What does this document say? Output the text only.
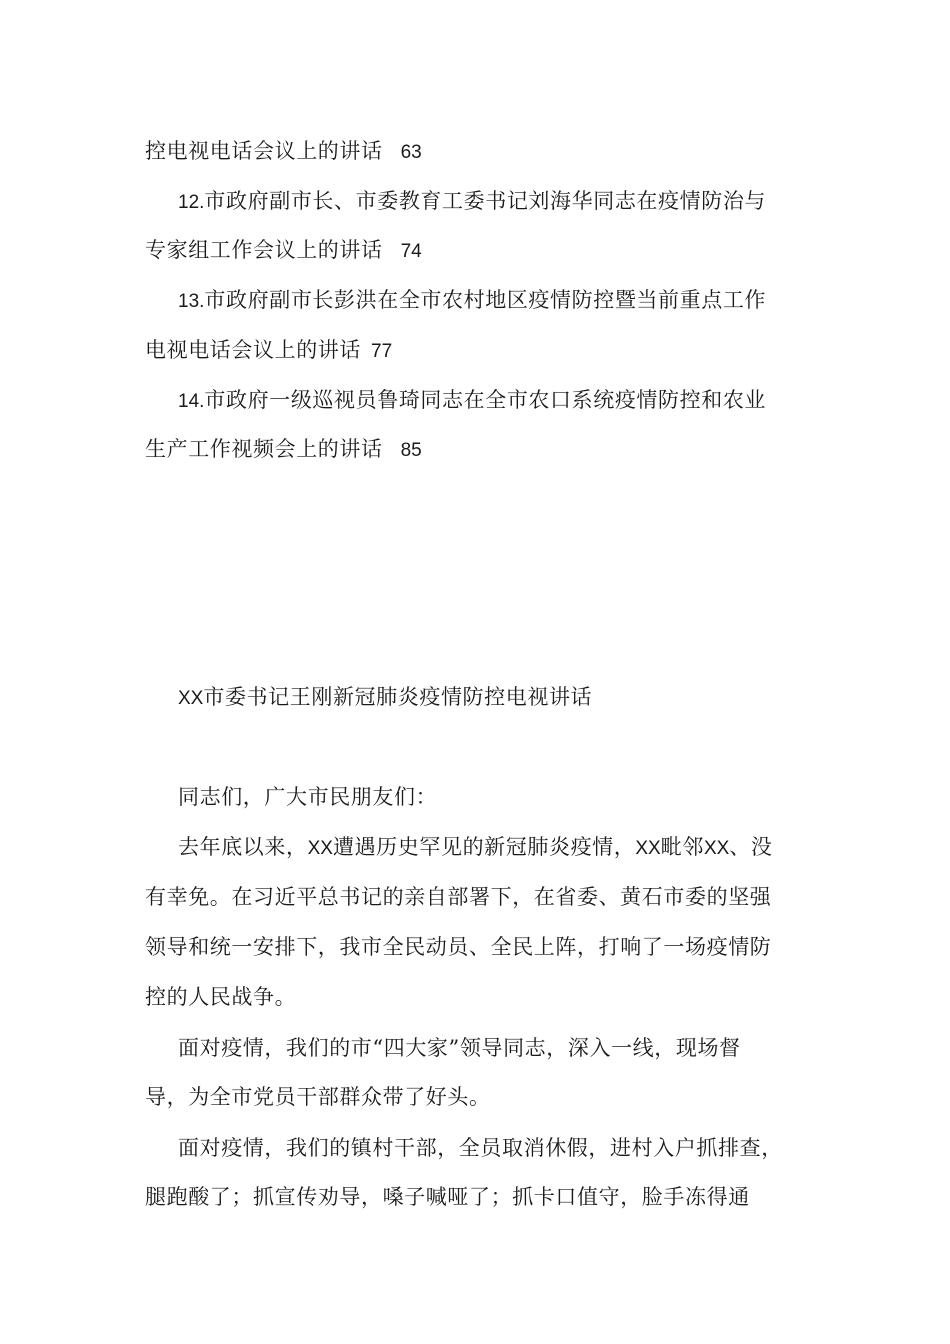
控电视电话会议上的讲话 63
12.市政府副市长、市委教育工委书记刘海华同志在疫情防治与
专家组工作会议上的讲话 74
13.市政府副市长彭洪在全市农村地区疫情防控暨当前重点工作
电视电话会议上的讲话 77
14.市政府一级巡视员鲁琦同志在全市农口系统疫情防控和农业
生产工作视频会上的讲话 85
XX市委书记王刚新冠肺炎疫情防控电视讲话
同志们，广大市民朋友们：
去年底以来，XX遭遇历史罕见的新冠肺炎疫情，XX毗邻XX、没
有幸免。在习近平总书记的亲自部署下，在省委、黄石市委的坚强
领导和统一安排下，我市全民动员、全民上阵，打响了一场疫情防
控的人民战争。
面对疫情，我们的市“四大家”领导同志，深入一线，现场督
导，为全市党员干部群众带了好头。
面对疫情，我们的镇村干部，全员取消休假，进村入户抓排查，
腿跑酸了；抓宣传劝导，嗓子喊哑了；抓卡口值守，脸手冻得通
